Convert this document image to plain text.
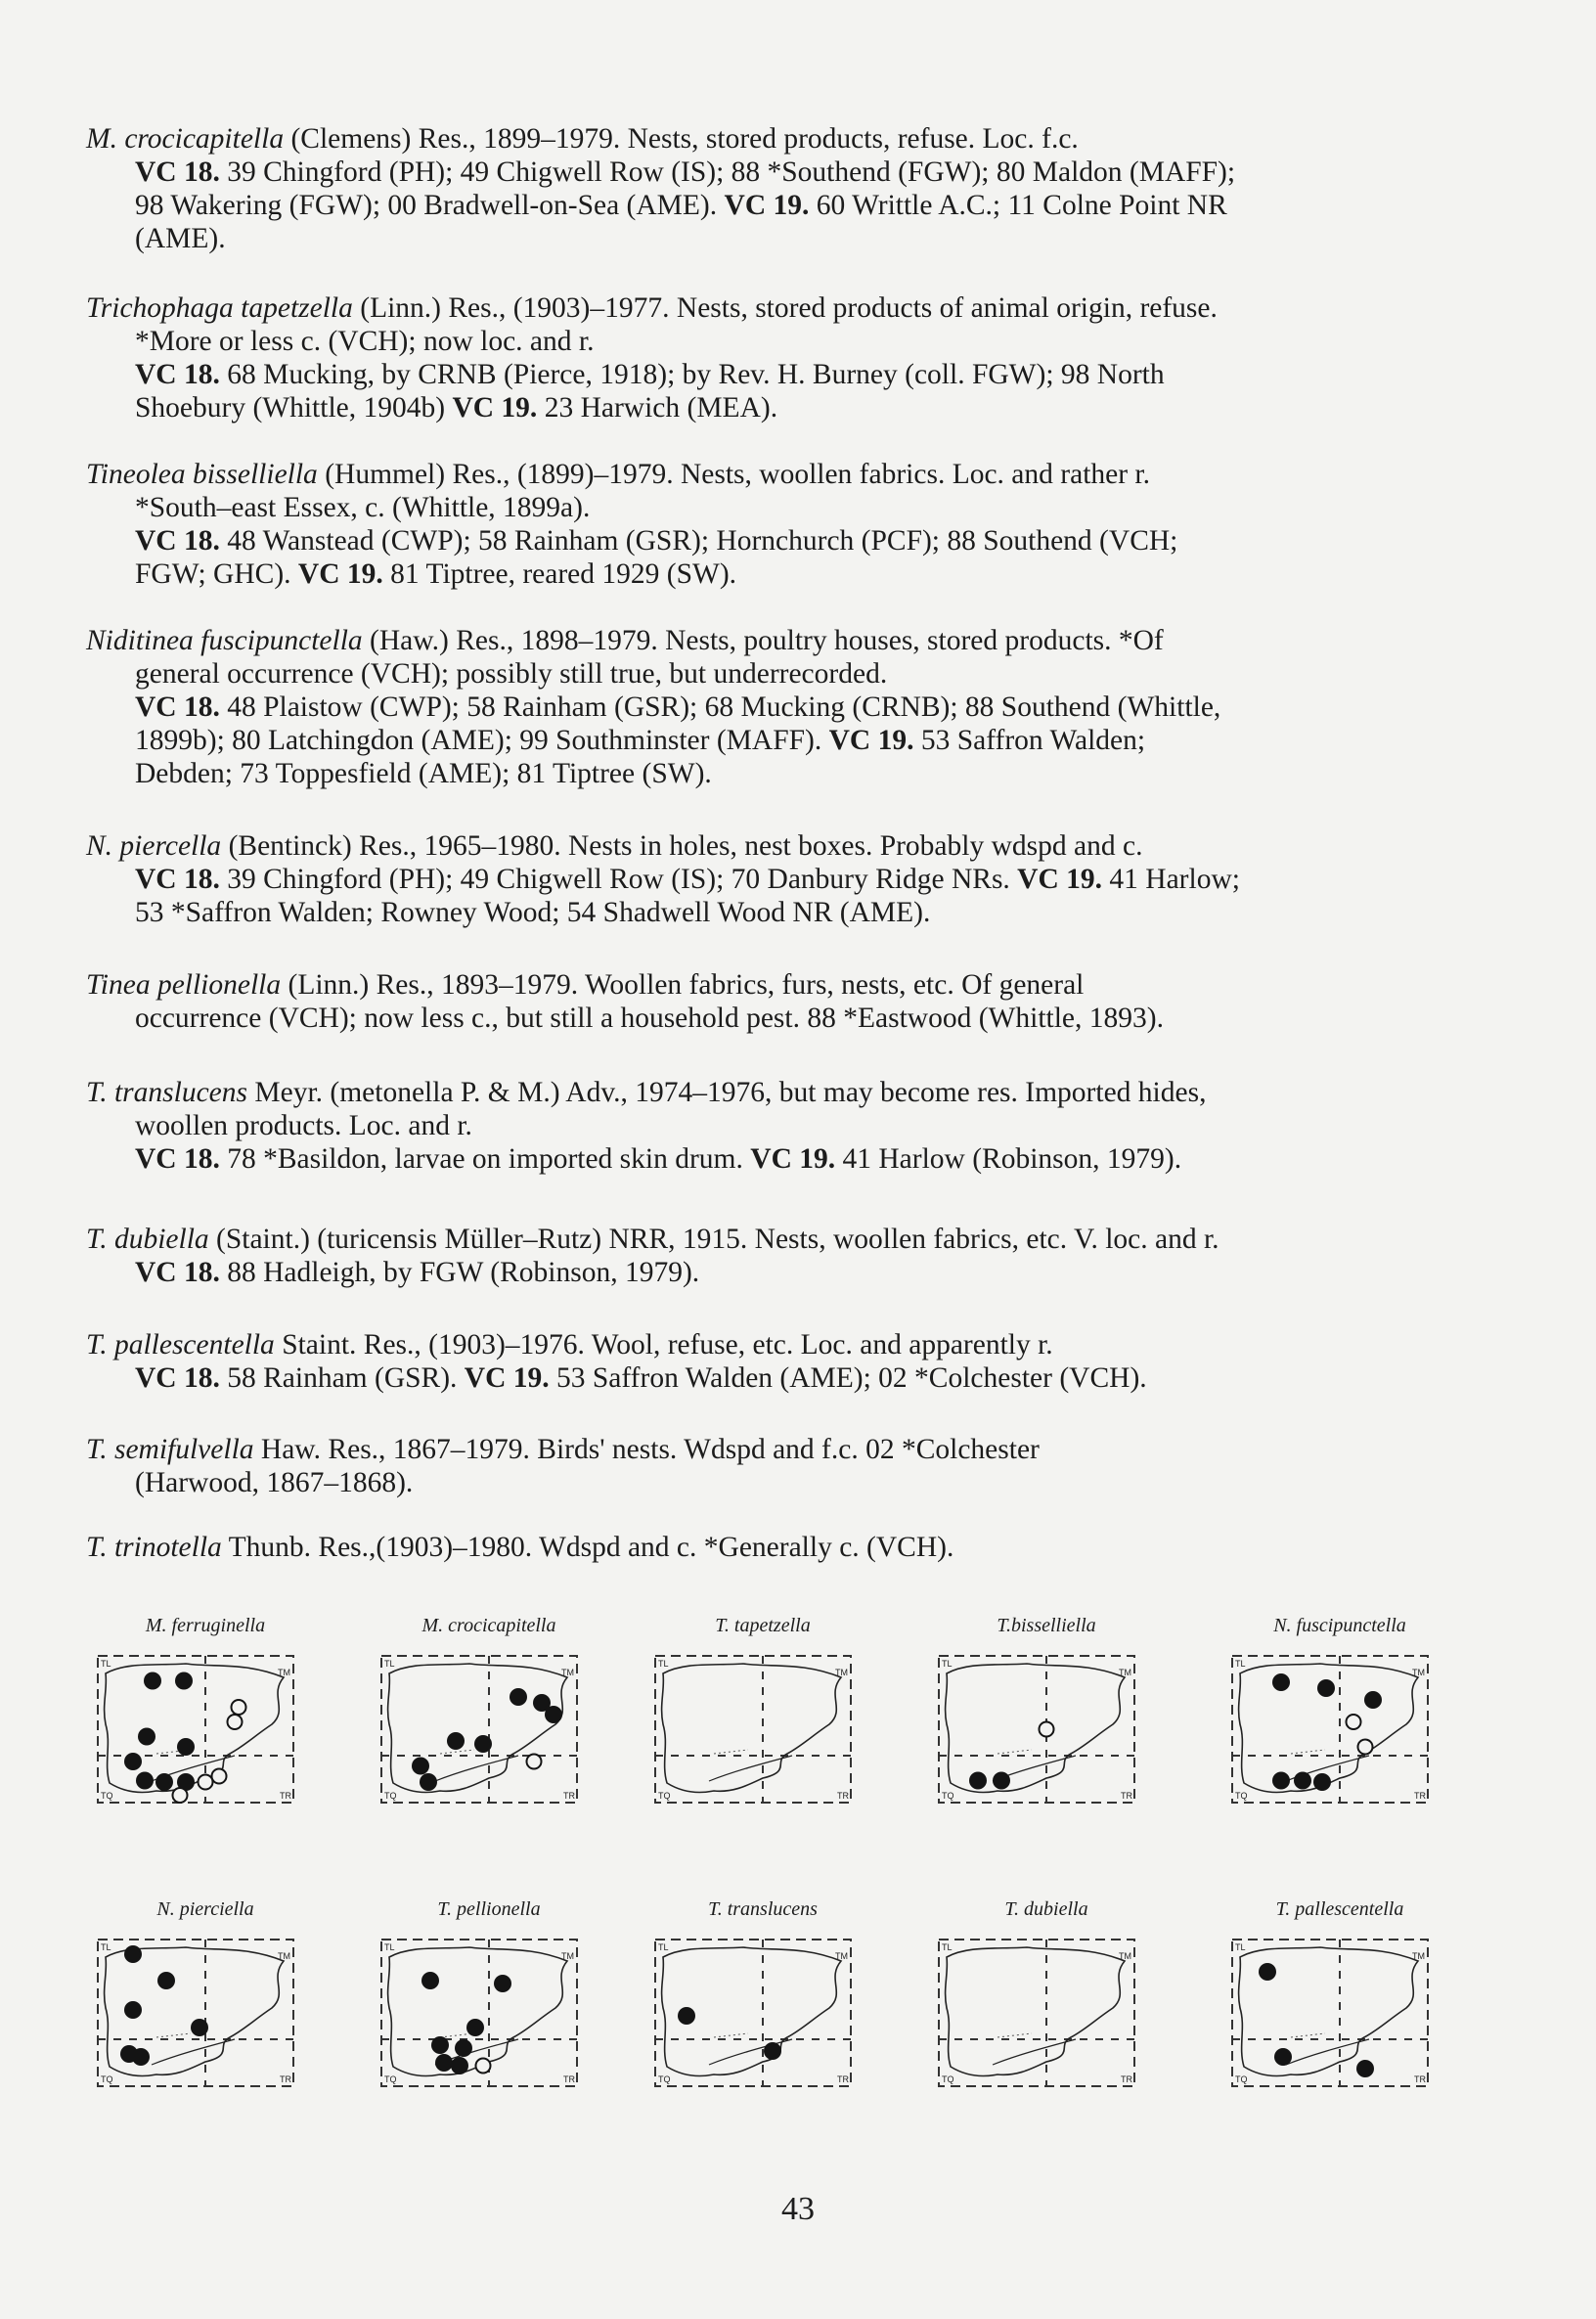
M. crocicapitella (Clemens) Res., 1899–1979. Nests, stored products, refuse. Loc. f.c.

VC 18. 39 Chingford (PH); 49 Chigwell Row (IS); 88 *Southend (FGW); 80 Maldon (MAFF);

98 Wakering (FGW); 00 Bradwell-on-Sea (AME). VC 19. 60 Writtle A.C.; 11 Colne Point NR

(AME).

Trichophaga tapetzella (Linn.) Res., (1903)–1977. Nests, stored products of animal origin, refuse.

*More or less c. (VCH); now loc. and r.

VC 18. 68 Mucking, by CRNB (Pierce, 1918); by Rev. H. Burney (coll. FGW); 98 North

Shoebury (Whittle, 1904b) VC 19. 23 Harwich (MEA).

Tineolea bisselliella (Hummel) Res., (1899)–1979. Nests, woollen fabrics. Loc. and rather r.

*South–east Essex, c. (Whittle, 1899a).

VC 18. 48 Wanstead (CWP); 58 Rainham (GSR); Hornchurch (PCF); 88 Southend (VCH;

FGW; GHC). VC 19. 81 Tiptree, reared 1929 (SW).

Niditinea fuscipunctella (Haw.) Res., 1898–1979. Nests, poultry houses, stored products. *Of

general occurrence (VCH); possibly still true, but underrecorded.

VC 18. 48 Plaistow (CWP); 58 Rainham (GSR); 68 Mucking (CRNB); 88 Southend (Whittle,

1899b); 80 Latchingdon (AME); 99 Southminster (MAFF). VC 19. 53 Saffron Walden;

Debden; 73 Toppesfield (AME); 81 Tiptree (SW).

N. piercella (Bentinck) Res., 1965–1980. Nests in holes, nest boxes. Probably wdspd and c.

VC 18. 39 Chingford (PH); 49 Chigwell Row (IS); 70 Danbury Ridge NRs. VC 19. 41 Harlow;

53 *Saffron Walden; Rowney Wood; 54 Shadwell Wood NR (AME).

Tinea pellionella (Linn.) Res., 1893–1979. Woollen fabrics, furs, nests, etc. Of general

occurrence (VCH); now less c., but still a household pest. 88 *Eastwood (Whittle, 1893).

T. translucens Meyr. (metonella P. & M.) Adv., 1974–1976, but may become res. Imported hides,

woollen products. Loc. and r.

VC 18. 78 *Basildon, larvae on imported skin drum. VC 19. 41 Harlow (Robinson, 1979).

T. dubiella (Staint.) (turicensis Müller–Rutz) NRR, 1915. Nests, woollen fabrics, etc. V. loc. and r.

VC 18. 88 Hadleigh, by FGW (Robinson, 1979).

T. pallescentella Staint. Res., (1903)–1976. Wool, refuse, etc. Loc. and apparently r.

VC 18. 58 Rainham (GSR). VC 19. 53 Saffron Walden (AME); 02 *Colchester (VCH).

T. semifulvella Haw. Res., 1867–1979. Birds' nests. Wdspd and f.c. 02 *Colchester

(Harwood, 1867–1868).

T. trinotella Thunb. Res.,(1903)–1980. Wdspd and c. *Generally c. (VCH).

M. ferruginella
TL
TM
TQ	TR
M. crocicapitella
TL
TM
TQ	TR
T. tapetzella
TL
TM
TQ	TR
T.bisselliella
TL
TM
TQ	TR
N. fuscipunctella
TL
TM
TQ	TR
N. pierciella
TL
TM
TQ	TR
T. pellionella
TL
TM
TQ	TR
T. translucens
TL
TM
TQ	TR
T. dubiella
TL
TM
TQ	TR
T. pallescentella
TL
TM
TQ	TR
43
